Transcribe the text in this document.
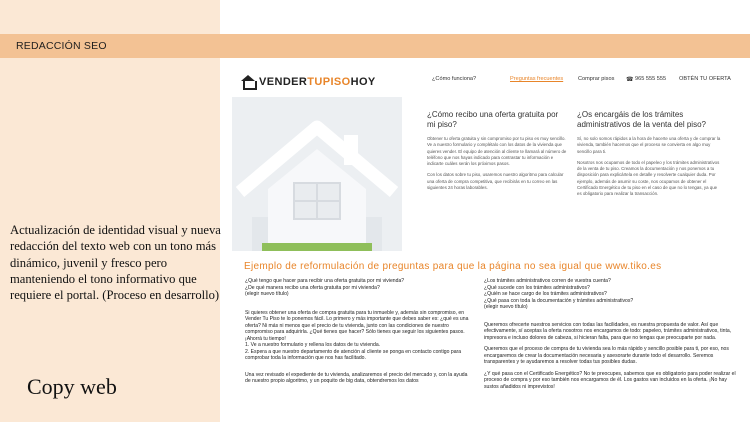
REDACCIÓN SEO
Actualización de identidad visual y nueva redacción del texto web con un tono más dinámico, juvenil y fresco pero manteniendo el tono informativo que requiere el portal. (Proceso en desarrollo)
Copy web
VENDERTUPISOHOY	¿Cómo funciona?	Preguntas frecuentes	Comprar pisos ☎ 965 555 555 OBTÉN TU OFERTA
¿Cómo recibo una oferta gratuita por mi piso?

Obtener tu oferta gratuita y sin compromiso por tu piso es muy sencillo. Ve a nuestro formulario y complétalo con los datos de la vivienda que quieres vender. El equipo de atención al cliente te llamará al número de teléfono que nos hayas indicado para contrastar tu información e indicarte cuáles serán los próximos pasos.

Con los datos sobre tu piso, usaremos nuestro algoritmo para calcular una oferta de compra competitiva, que recibirás en tu correo en las siguientes 24 horas laborables.

¿Os encargáis de los trámites administrativos de la venta del piso?

Sí, no solo somos rápidos a la hora de hacerte una oferta y de comprar la vivienda, también hacemos que el proceso se convierta en algo muy sencillo para ti.

Nosotros nos ocupamos de todo el papeleo y los trámites administrativos de la venta de tu piso. Creamos la documentación y nos ponemos a tu disposición para explicártela en detalle y resolverte cualquier duda. Por ejemplo, además de asumir su coste, nos ocupamos de obtener el Certificado Energético de tu piso en el caso de que no lo tengas, ya que es obligatorio para realizar la transacción.

Ejemplo de reformulación de preguntas para que la página no sea igual que www.tiko.es
¿Qué tengo que hacer para recibir una oferta gratuita por mi vivienda?
¿De qué manera recibo una oferta gratuita por mi vivienda?
(elegir nuevo título)
Si quieres obtener una oferta de compra gratuita para tu inmueble y, además sin compromiso, en Vender Tu Piso te lo ponemos fácil. Lo primero y más importante que debes saber es: ¿qué es una oferta? Ni más ni menos que el precio de tu vivienda, junto con las condiciones de nuestro compromiso para adquirirla. ¿Qué tienes que hacer? Sólo tienes que seguir los siguientes pasos. ¡Ahorrá tu tiempo!
1. Ve a nuestro formulario y rellena los datos de tu vivienda.
2. Espera a que nuestro departamento de atención al cliente se ponga en contacto contigo para comprobar toda la información que nos has facilitado.
Una vez revisado el expediente de tu vivienda, analizaremos el precio del mercado y, con la ayuda de nuestro propio algoritmo, y un poquito de big data, obtendremos los datos
¿Los trámites administrativos corren de vuestra cuenta?
¿Qué sucede con los trámites administrativos?
¿Quién se hace cargo de los trámites administrativos?
¿Qué pasa con toda la documentación y trámites administrativos?
(elegir nuevo título)

Queremos ofrecerte nuestros servicios con todas las facilidades, es nuestra propuesta de valor. Así que efectivamente, sí aceptas la oferta nosotros nos encargamos de todo: papeleo, trámites administrativos, tinta, impresora e incluso dolores de cabeza, si hicieran falta, para que no tengas que preocuparte por nada.

Queremos que el proceso de compra de tu vivienda sea lo más rápido y sencillo posible para ti, por eso, nos encargaremos de crear la documentación necesaria y asesorarte durante todo el desarrollo. Seremos transparentes y te ayudaremos a resolver todas tus posibles dudas.

¿Y qué pasa con el Certificado Energético? No te preocupes, sabemos que es obligatorio para poder realizar el proceso de compra y por eso también nos encargamos de él. Los gastos van incluidos en la oferta. ¡No hay sustos añadidos ni imprevistos!
